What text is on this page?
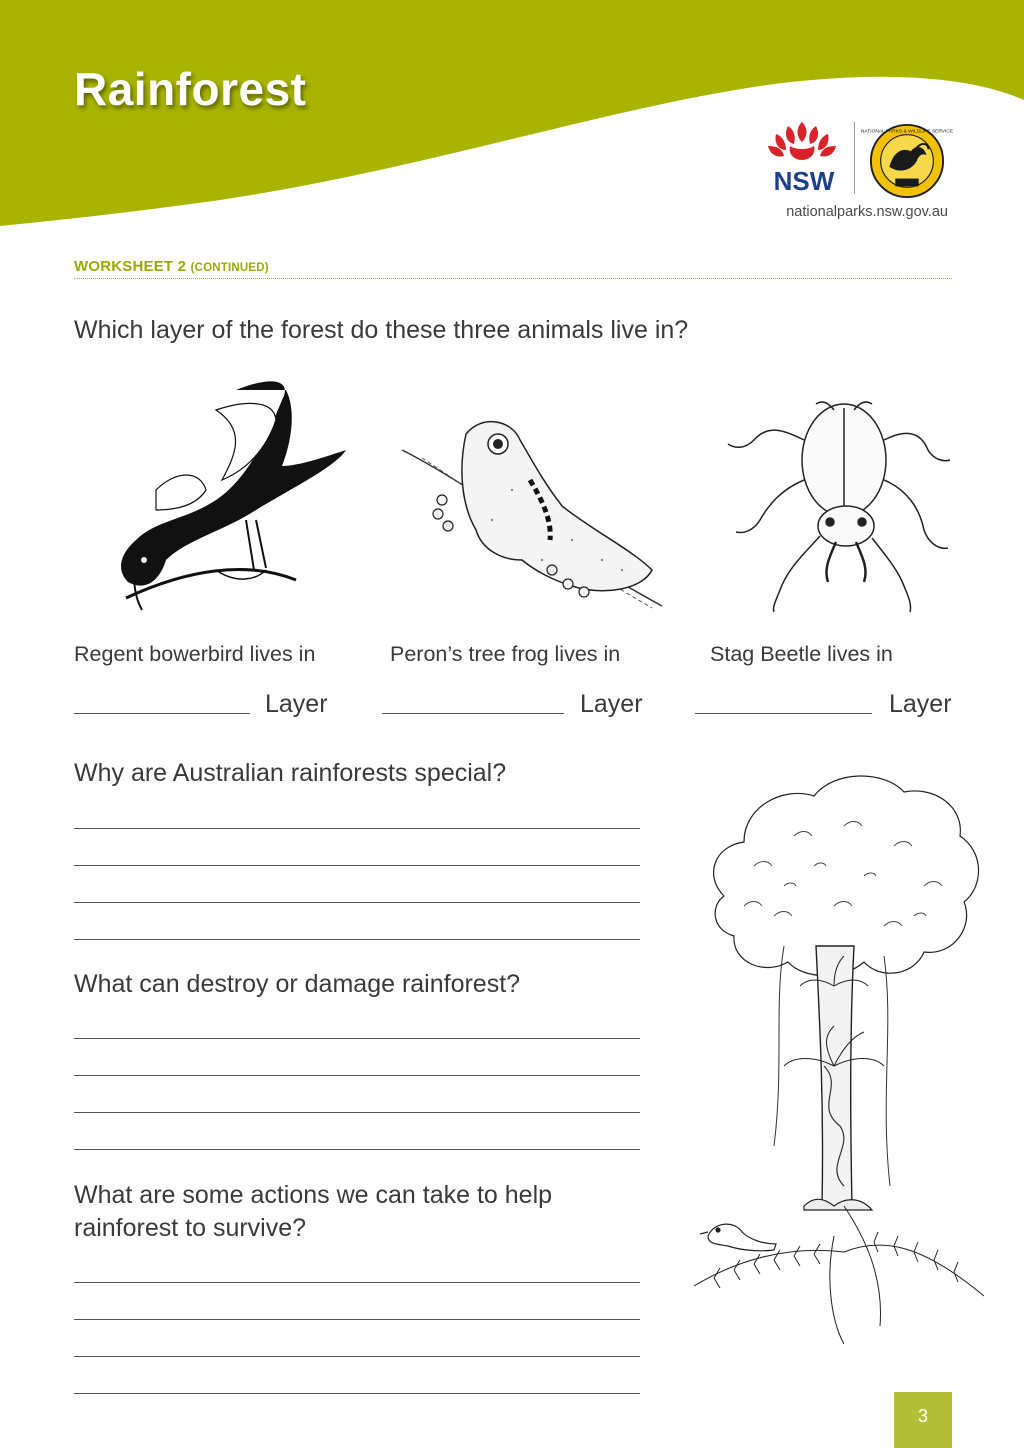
Rainforest
NSW
NATIONAL PARKS & WILDLIFE SERVICE
nationalparks.nsw.gov.au
WORKSHEET 2 (CONTINUED)
Which layer of the forest do these three animals live in?
Regent bowerbird lives in	Peron’s tree frog lives in	Stag Beetle lives in
Layer	Layer	Layer
Why are Australian rainforests special?
What can destroy or damage rainforest?
What are some actions we can take to help
rainforest to survive?
3
